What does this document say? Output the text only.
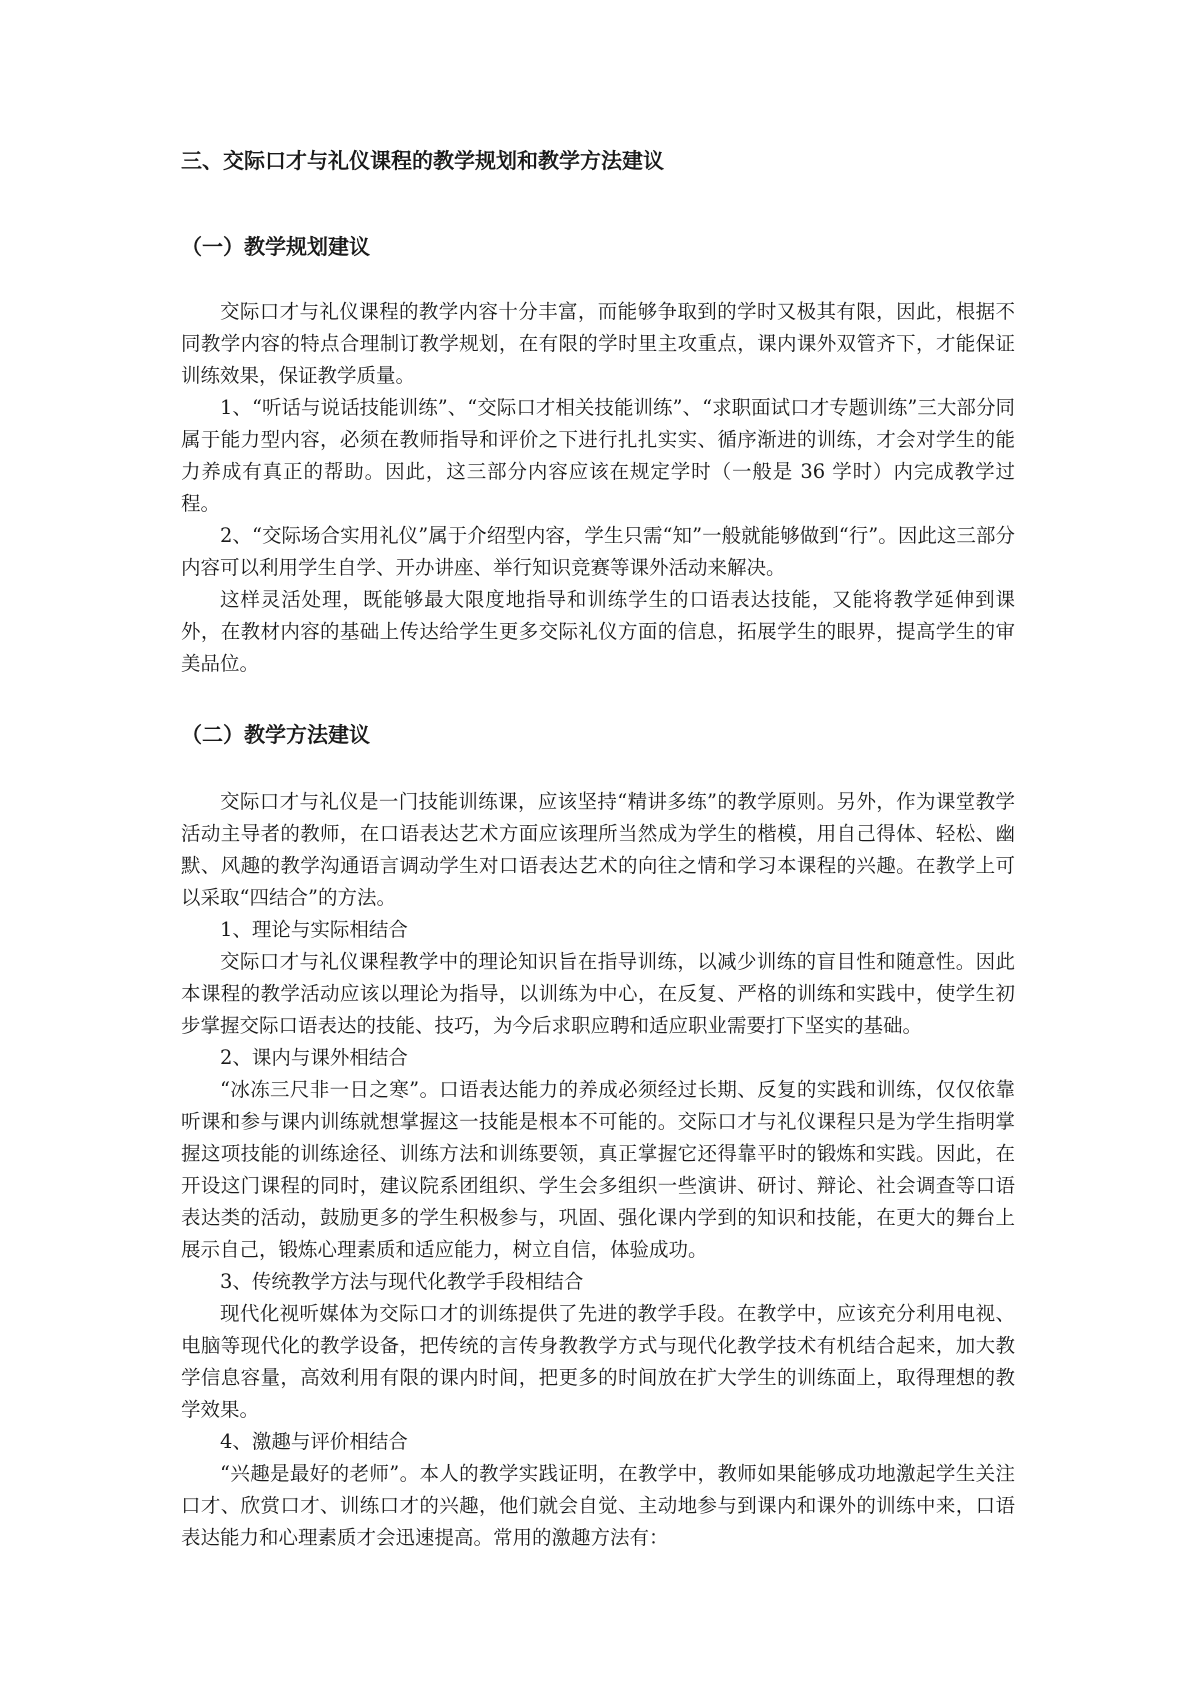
三、交际口才与礼仪课程的教学规划和教学方法建议
（一）教学规划建议

交际口才与礼仪课程的教学内容十分丰富，而能够争取到的学时又极其有限，因此，根据不同教学内容的特点合理制订教学规划，在有限的学时里主攻重点，课内课外双管齐下，才能保证训练效果，保证教学质量。

1、“听话与说话技能训练”、“交际口才相关技能训练”、“求职面试口才专题训练”三大部分同属于能力型内容，必须在教师指导和评价之下进行扎扎实实、循序渐进的训练，才会对学生的能力养成有真正的帮助。因此，这三部分内容应该在规定学时（一般是 36 学时）内完成教学过程。

2、“交际场合实用礼仪”属于介绍型内容，学生只需“知”一般就能够做到“行”。因此这三部分内容可以利用学生自学、开办讲座、举行知识竞赛等课外活动来解决。

这样灵活处理，既能够最大限度地指导和训练学生的口语表达技能，又能将教学延伸到课外，在教材内容的基础上传达给学生更多交际礼仪方面的信息，拓展学生的眼界，提高学生的审美品位。

（二）教学方法建议

交际口才与礼仪是一门技能训练课，应该坚持“精讲多练”的教学原则。另外，作为课堂教学活动主导者的教师，在口语表达艺术方面应该理所当然成为学生的楷模，用自己得体、轻松、幽默、风趣的教学沟通语言调动学生对口语表达艺术的向往之情和学习本课程的兴趣。在教学上可以采取“四结合”的方法。

1、理论与实际相结合

交际口才与礼仪课程教学中的理论知识旨在指导训练，以减少训练的盲目性和随意性。因此本课程的教学活动应该以理论为指导，以训练为中心，在反复、严格的训练和实践中，使学生初步掌握交际口语表达的技能、技巧，为今后求职应聘和适应职业需要打下坚实的基础。

2、课内与课外相结合

“冰冻三尺非一日之寒”。口语表达能力的养成必须经过长期、反复的实践和训练，仅仅依靠听课和参与课内训练就想掌握这一技能是根本不可能的。交际口才与礼仪课程只是为学生指明掌握这项技能的训练途径、训练方法和训练要领，真正掌握它还得靠平时的锻炼和实践。因此，在开设这门课程的同时，建议院系团组织、学生会多组织一些演讲、研讨、辩论、社会调查等口语表达类的活动，鼓励更多的学生积极参与，巩固、强化课内学到的知识和技能，在更大的舞台上展示自己，锻炼心理素质和适应能力，树立自信，体验成功。

3、传统教学方法与现代化教学手段相结合

现代化视听媒体为交际口才的训练提供了先进的教学手段。在教学中，应该充分利用电视、电脑等现代化的教学设备，把传统的言传身教教学方式与现代化教学技术有机结合起来，加大教学信息容量，高效利用有限的课内时间，把更多的时间放在扩大学生的训练面上，取得理想的教学效果。

4、激趣与评价相结合

“兴趣是最好的老师”。本人的教学实践证明，在教学中，教师如果能够成功地激起学生关注口才、欣赏口才、训练口才的兴趣，他们就会自觉、主动地参与到课内和课外的训练中来，口语表达能力和心理素质才会迅速提高。常用的激趣方法有：
